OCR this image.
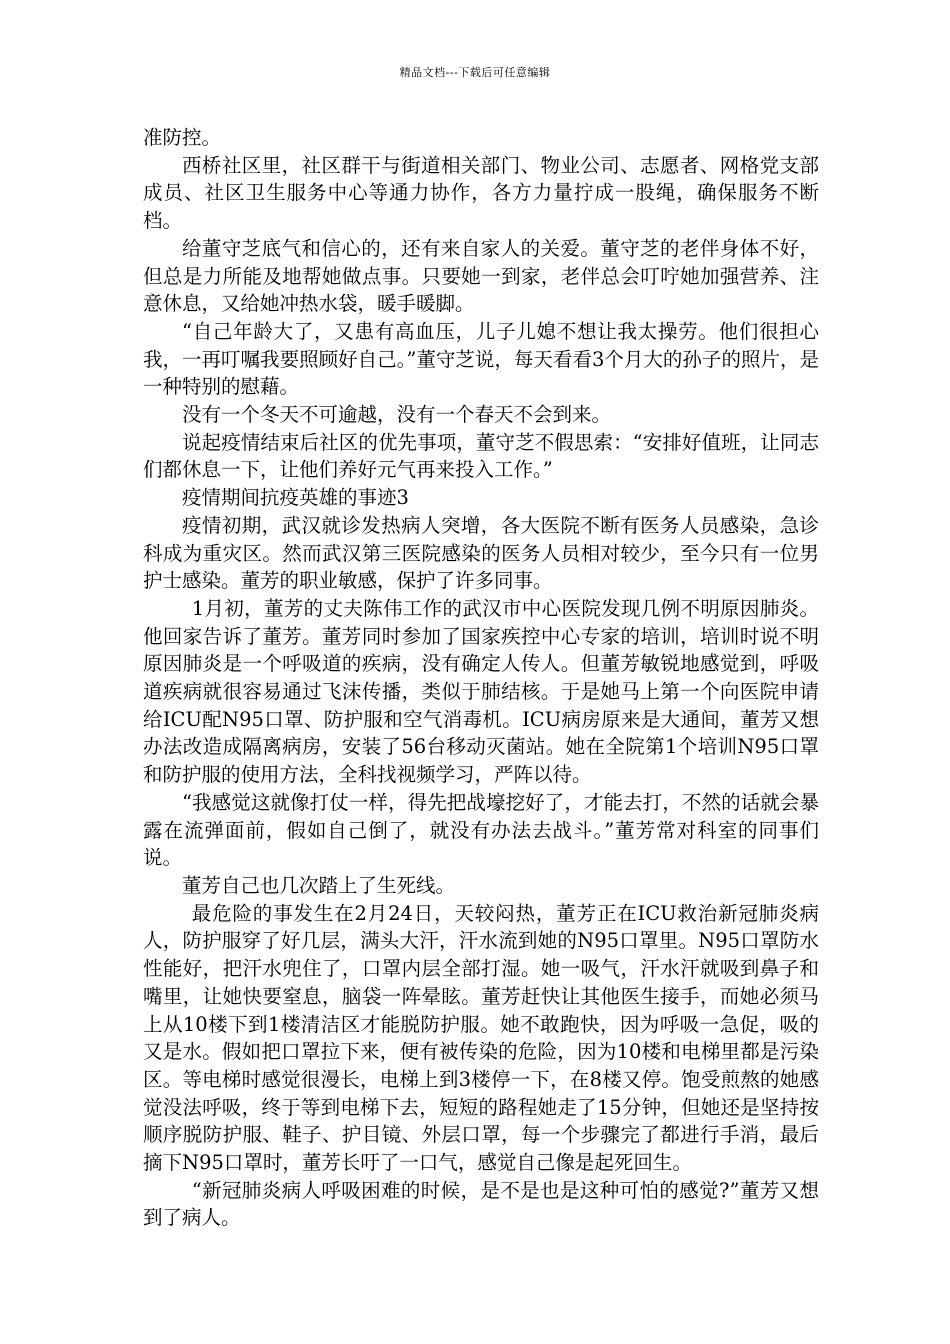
精品文档---下载后可任意编辑

准防控。

西桥社区里，社区群干与街道相关部门、物业公司、志愿者、网格党支部成员、社区卫生服务中心等通力协作，各方力量拧成一股绳，确保服务不断档。

给董守芝底气和信心的，还有来自家人的关爱。董守芝的老伴身体不好，但总是力所能及地帮她做点事。只要她一到家，老伴总会叮咛她加强营养、注意休息，又给她冲热水袋，暖手暖脚。

“自己年龄大了，又患有高血压，儿子儿媳不想让我太操劳。他们很担心我，一再叮嘱我要照顾好自己。”董守芝说，每天看看3个月大的孙子的照片，是一种特别的慰藉。

没有一个冬天不可逾越，没有一个春天不会到来。

说起疫情结束后社区的优先事项，董守芝不假思索：“安排好值班，让同志们都休息一下，让他们养好元气再来投入工作。”

疫情期间抗疫英雄的事迹3

疫情初期，武汉就诊发热病人突增，各大医院不断有医务人员感染，急诊科成为重灾区。然而武汉第三医院感染的医务人员相对较少，至今只有一位男护士感染。董芳的职业敏感，保护了许多同事。

1月初，董芳的丈夫陈伟工作的武汉市中心医院发现几例不明原因肺炎。他回家告诉了董芳。董芳同时参加了国家疾控中心专家的培训，培训时说不明原因肺炎是一个呼吸道的疾病，没有确定人传人。但董芳敏锐地感觉到，呼吸道疾病就很容易通过飞沫传播，类似于肺结核。于是她马上第一个向医院申请给ICU配N95口罩、防护服和空气消毒机。ICU病房原来是大通间，董芳又想办法改造成隔离病房，安装了56台移动灭菌站。她在全院第1个培训N95口罩和防护服的使用方法，全科找视频学习，严阵以待。

“我感觉这就像打仗一样，得先把战壕挖好了，才能去打，不然的话就会暴露在流弹面前，假如自己倒了，就没有办法去战斗。”董芳常对科室的同事们说。

董芳自己也几次踏上了生死线。

最危险的事发生在2月24日，天较闷热，董芳正在ICU救治新冠肺炎病人，防护服穿了好几层，满头大汗，汗水流到她的N95口罩里。N95口罩防水性能好，把汗水兜住了，口罩内层全部打湿。她一吸气，汗水汗就吸到鼻子和嘴里，让她快要窒息，脑袋一阵晕眩。董芳赶快让其他医生接手，而她必须马上从10楼下到1楼清洁区才能脱防护服。她不敢跑快，因为呼吸一急促，吸的又是水。假如把口罩拉下来，便有被传染的危险，因为10楼和电梯里都是污染区。等电梯时感觉很漫长，电梯上到3楼停一下，在8楼又停。饱受煎熬的她感觉没法呼吸，终于等到电梯下去，短短的路程她走了15分钟，但她还是坚持按顺序脱防护服、鞋子、护目镜、外层口罩，每一个步骤完了都进行手消，最后摘下N95口罩时，董芳长吁了一口气，感觉自己像是起死回生。

“新冠肺炎病人呼吸困难的时候，是不是也是这种可怕的感觉?”董芳又想到了病人。
